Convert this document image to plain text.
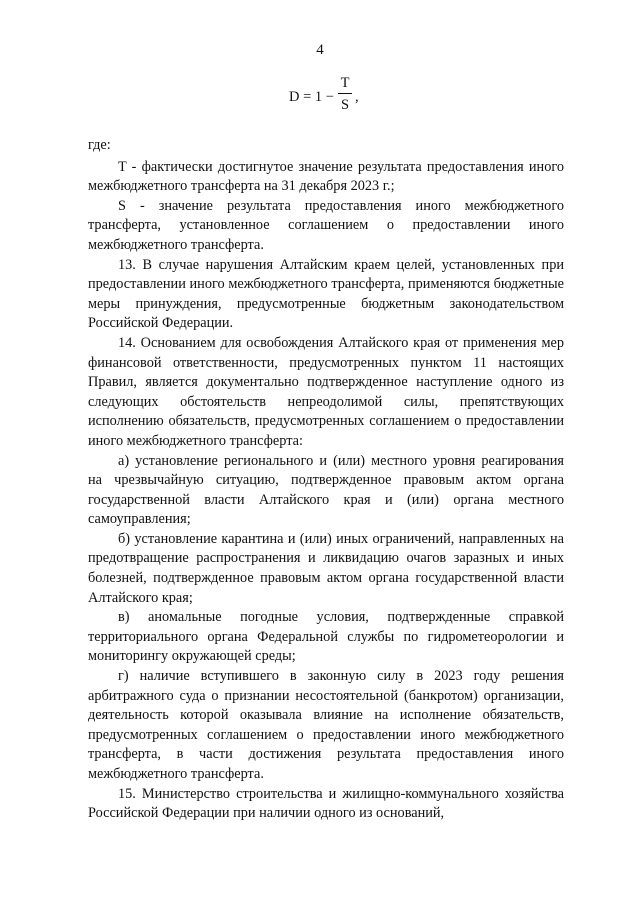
4
D = 1 −
T
S ,

где:

T - фактически достигнутое значение результата предоставления иного межбюджетного трансферта на 31 декабря 2023 г.;

S - значение результата предоставления иного межбюджетного трансферта, установленное соглашением о предоставлении иного межбюджетного трансферта.

13. В случае нарушения Алтайским краем целей, установленных при предоставлении иного межбюджетного трансферта, применяются бюджетные меры принуждения, предусмотренные бюджетным законодательством Российской Федерации.

14. Основанием для освобождения Алтайского края от применения мер финансовой ответственности, предусмотренных пунктом 11 настоящих Правил, является документально подтвержденное наступление одного из следующих обстоятельств непреодолимой силы, препятствующих исполнению обязательств, предусмотренных соглашением о предоставлении иного межбюджетного трансферта:

а) установление регионального и (или) местного уровня реагирования на чрезвычайную ситуацию, подтвержденное правовым актом органа государственной власти Алтайского края и (или) органа местного самоуправления;

б) установление карантина и (или) иных ограничений, направленных на предотвращение распространения и ликвидацию очагов заразных и иных болезней, подтвержденное правовым актом органа государственной власти Алтайского края;

в) аномальные погодные условия, подтвержденные справкой территориального органа Федеральной службы по гидрометеорологии и мониторингу окружающей среды;

г) наличие вступившего в законную силу в 2023 году решения арбитражного суда о признании несостоятельной (банкротом) организации, деятельность которой оказывала влияние на исполнение обязательств, предусмотренных соглашением о предоставлении иного межбюджетного трансферта, в части достижения результата предоставления иного межбюджетного трансферта.

15. Министерство строительства и жилищно-коммунального хозяйства Российской Федерации при наличии одного из оснований,
